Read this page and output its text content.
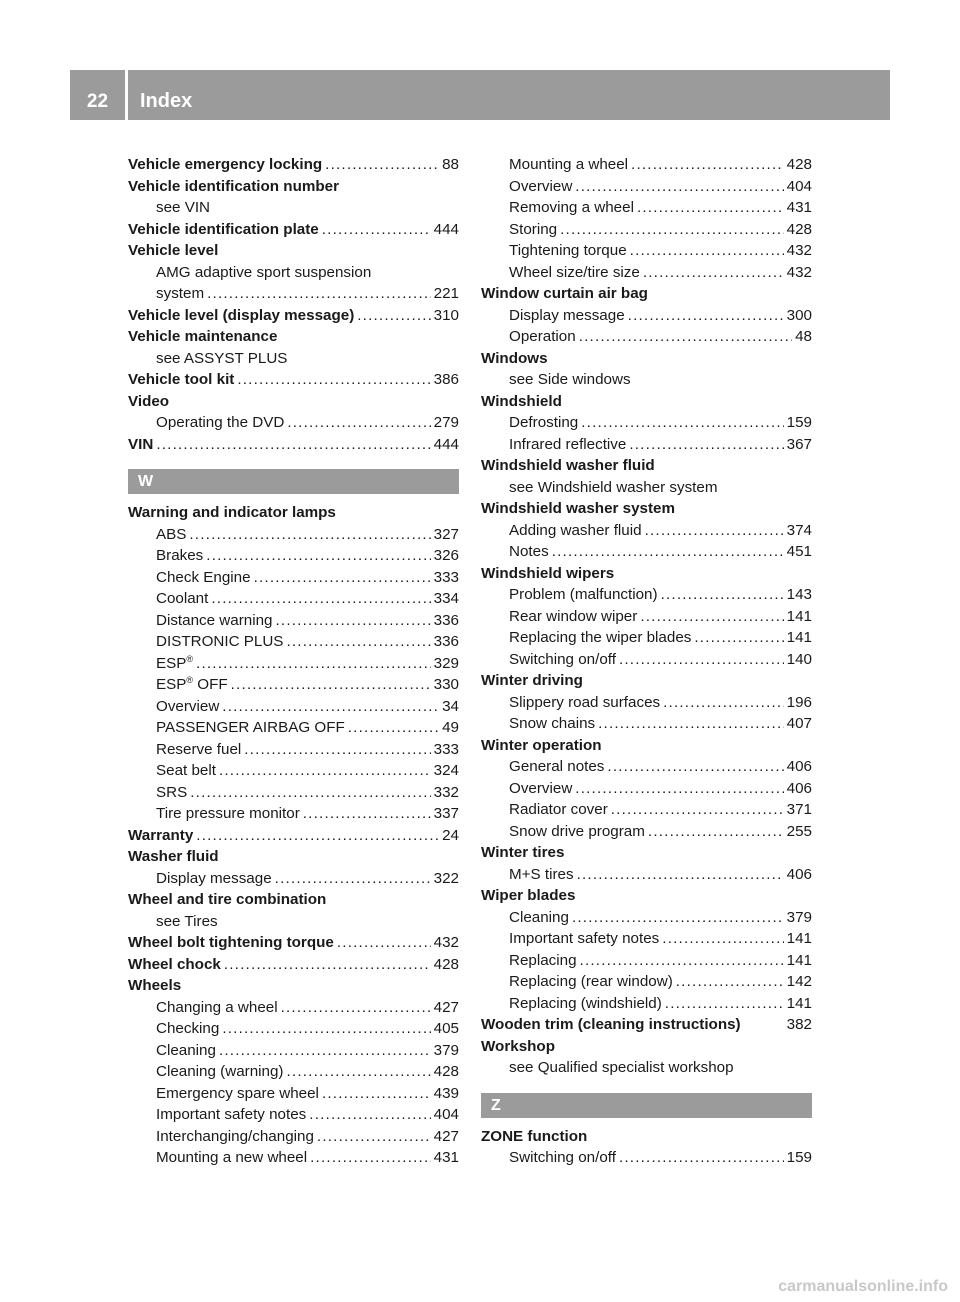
22	Index
Vehicle emergency locking .....	88
Vehicle identification number
see VIN
Vehicle identification plate .....	444
Vehicle level
AMG adaptive sport suspension
system .....	221
Vehicle level (display message) .....	310
Vehicle maintenance
see ASSYST PLUS
Vehicle tool kit .....	386
Video
Operating the DVD .....	279
VIN .....	444
W
Warning and indicator lamps
ABS .....	327
Brakes .....	326
Check Engine .....	333
Coolant .....	334
Distance warning .....	336
DISTRONIC PLUS .....	336
ESP® .....	329
ESP® OFF .....	330
Overview .....	34
PASSENGER AIRBAG OFF .....	49
Reserve fuel .....	333
Seat belt .....	324
SRS .....	332
Tire pressure monitor .....	337
Warranty .....	24
Washer fluid
Display message .....	322
Wheel and tire combination
see Tires
Wheel bolt tightening torque .....	432
Wheel chock .....	428
Wheels
Changing a wheel .....	427
Checking .....	405
Cleaning .....	379
Cleaning (warning) .....	428
Emergency spare wheel .....	439
Important safety notes .....	404
Interchanging/changing .....	427
Mounting a new wheel .....	431
Mounting a wheel .....	428
Overview .....	404
Removing a wheel .....	431
Storing .....	428
Tightening torque .....	432
Wheel size/tire size .....	432
Window curtain air bag
Display message .....	300
Operation .....	48
Windows
see Side windows
Windshield
Defrosting .....	159
Infrared reflective .....	367
Windshield washer fluid
see Windshield washer system
Windshield washer system
Adding washer fluid .....	374
Notes .....	451
Windshield wipers
Problem (malfunction) .....	143
Rear window wiper .....	141
Replacing the wiper blades .....	141
Switching on/off .....	140
Winter driving
Slippery road surfaces .....	196
Snow chains .....	407
Winter operation
General notes .....	406
Overview .....	406
Radiator cover .....	371
Snow drive program .....	255
Winter tires
M+S tires .....	406
Wiper blades
Cleaning .....	379
Important safety notes .....	141
Replacing .....	141
Replacing (rear window) .....	142
Replacing (windshield) .....	141
Wooden trim (cleaning instructions)	382
Workshop
see Qualified specialist workshop
Z
ZONE function
Switching on/off .....	159
carmanualsonline.info
